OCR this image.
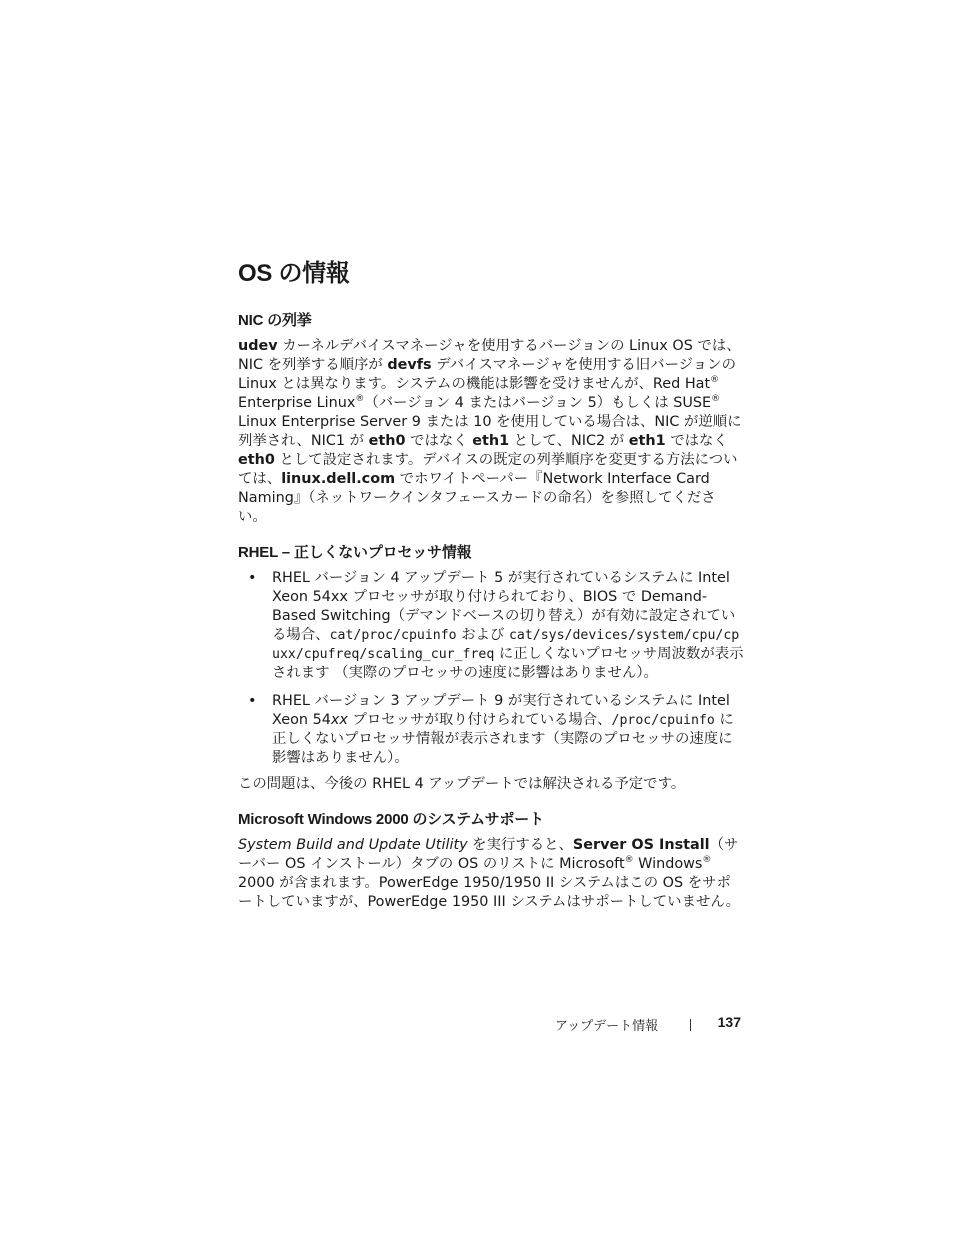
OS の情報
NIC の列挙

udev カーネルデバイスマネージャを使用するバージョンの Linux OS では、NIC を列挙する順序が devfs デバイスマネージャを使用する旧バージョンの Linux とは異なります。システムの機能は影響を受けませんが、Red Hat® Enterprise Linux®（バージョン 4 またはバージョン 5）もしくは SUSE® Linux Enterprise Server 9 または 10 を使用している場合は、NIC が逆順に列挙され、NIC1 が eth0 ではなく eth1 として、NIC2 が eth1 ではなく eth0 として設定されます。デバイスの既定の列挙順序を変更する方法については、linux.dell.com でホワイトペーパー『Network Interface Card Naming』（ネットワークインタフェースカードの命名）を参照してください。

RHEL – 正しくないプロセッサ情報
• RHEL バージョン 4 アップデート 5 が実行されているシステムに Intel Xeon 54xx プロセッサが取り付けられており、BIOS で Demand-Based Switching（デマンドベースの切り替え）が有効に設定されている場合、cat/proc/cpuinfo および cat/sys/devices/system/cpu/cpuxx/cpufreq/scaling_cur_freq に正しくないプロセッサ周波数が表示されます （実際のプロセッサの速度に影響はありません）。
• RHEL バージョン 3 アップデート 9 が実行されているシステムに Intel Xeon 54xx プロセッサが取り付けられている場合、/proc/cpuinfo に正しくないプロセッサ情報が表示されます（実際のプロセッサの速度に影響はありません）。

この問題は、今後の RHEL 4 アップデートでは解決される予定です。

Microsoft Windows 2000 のシステムサポート

System Build and Update Utility を実行すると、Server OS Install（サーバー OS インストール）タブの OS のリストに Microsoft® Windows® 2000 が含まれます。PowerEdge 1950/1950 II システムはこの OS をサポートしていますが、PowerEdge 1950 III システムはサポートしていません。

アップデート情報	137
